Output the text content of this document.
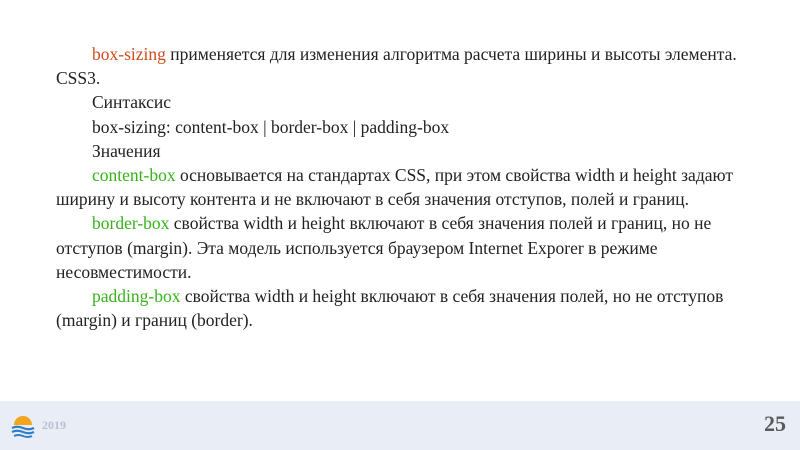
box-sizing применяется для изменения алгоритма расчета ширины и высоты элемента. CSS3.

Синтаксис

box-sizing: content-box | border-box | padding-box

Значения

content-box основывается на стандартах CSS, при этом свойства width и height задают ширину и высоту контента и не включают в себя значения отступов, полей и границ.

border-box свойства width и height включают в себя значения полей и границ, но не отступов (margin). Эта модель используется браузером Internet Exporer в режиме несовместимости.

padding-box свойства width и height включают в себя значения полей, но не отступов (margin) и границ (border).

2019	25
